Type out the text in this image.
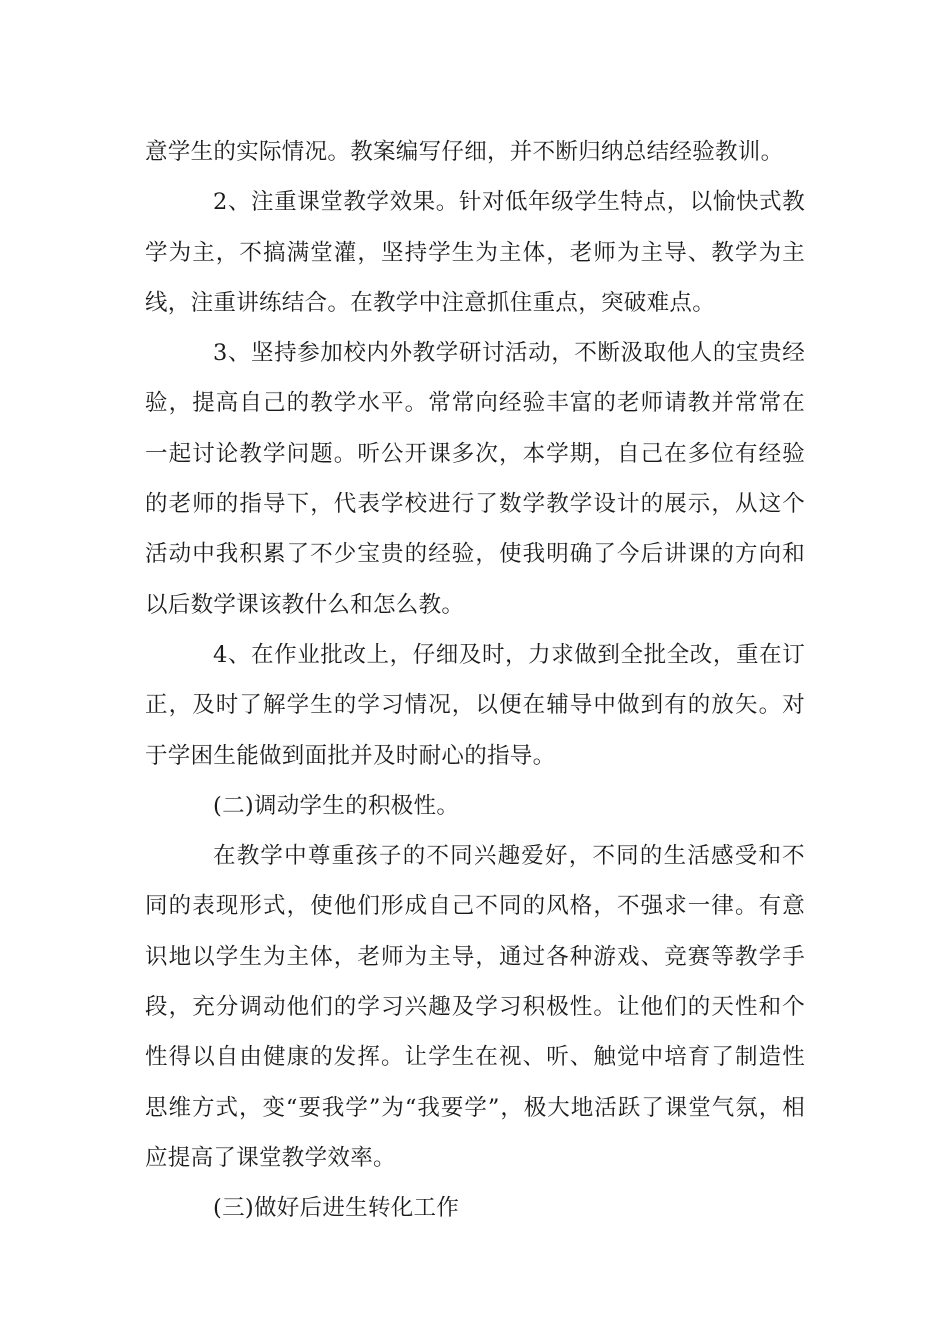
意学生的实际情况。教案编写仔细，并不断归纳总结经验教训。

2、注重课堂教学效果。针对低年级学生特点，以愉快式教学为主，不搞满堂灌，坚持学生为主体，老师为主导、教学为主线，注重讲练结合。在教学中注意抓住重点，突破难点。

3、坚持参加校内外教学研讨活动，不断汲取他人的宝贵经验，提高自己的教学水平。常常向经验丰富的老师请教并常常在一起讨论教学问题。听公开课多次，本学期，自己在多位有经验的老师的指导下，代表学校进行了数学教学设计的展示，从这个活动中我积累了不少宝贵的经验，使我明确了今后讲课的方向和以后数学课该教什么和怎么教。

4、在作业批改上，仔细及时，力求做到全批全改，重在订正，及时了解学生的学习情况，以便在辅导中做到有的放矢。对于学困生能做到面批并及时耐心的指导。

(二)调动学生的积极性。

在教学中尊重孩子的不同兴趣爱好，不同的生活感受和不同的表现形式，使他们形成自己不同的风格，不强求一律。有意识地以学生为主体，老师为主导，通过各种游戏、竞赛等教学手段，充分调动他们的学习兴趣及学习积极性。让他们的天性和个性得以自由健康的发挥。让学生在视、听、触觉中培育了制造性思维方式，变“要我学”为“我要学”，极大地活跃了课堂气氛，相应提高了课堂教学效率。

(三)做好后进生转化工作
